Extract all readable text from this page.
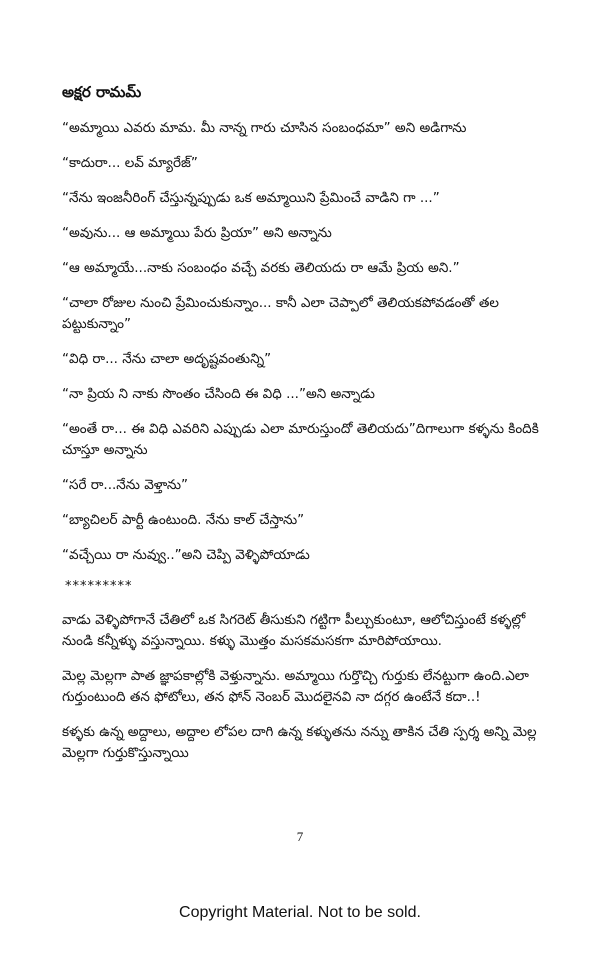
అక్షర రామమ్

“అమ్మాయి ఎవరు మామ. మీ నాన్న గారు చూసిన సంబంధమా” అని అడిగాను

“కాదురా... లవ్ మ్యారేజ్”

“నేను ఇంజనీరింగ్ చేస్తున్నప్పుడు ఒక అమ్మాయిని ప్రేమించే వాడిని గా ...”

“అవును... ఆ అమ్మాయి పేరు ప్రియా” అని అన్నాను

“ఆ అమ్మాయే...నాకు సంబంధం వచ్చే వరకు తెలియదు రా ఆమే ప్రియ అని.”

“చాలా రోజుల నుంచి ప్రేమించుకున్నాం... కానీ ఎలా చెప్పాలో తెలియకపోవడంతో తల పట్టుకున్నాం”

“విధి రా... నేను చాలా అదృష్టవంతున్ని”

“నా ప్రియ ని నాకు సొంతం చేసింది ఈ విధి ...”అని అన్నాడు

“అంతే రా... ఈ విధి ఎవరిని ఎప్పుడు ఎలా మారుస్తుందో తెలియదు”దిగాలుగా కళ్ళను కిందికి చూస్తూ అన్నాను

“సరే రా...నేను వెళ్తాను”

“బ్యాచిలర్ పార్టీ ఉంటుంది. నేను కాల్ చేస్తాను”

“వచ్చేయి రా నువ్వు..”అని చెప్పి వెళ్ళిపోయాడు

*********

వాడు వెళ్ళిపోగానే చేతిలో ఒక సిగరెట్ తీసుకుని గట్టిగా పీల్చుకుంటూ, ఆలోచిస్తుంటే కళ్ళల్లో నుండి కన్నీళ్ళు వస్తున్నాయి. కళ్ళు మొత్తం మసకమసకగా మారిపోయాయి.

మెల్ల మెల్లగా పాత జ్ఞాపకాల్లోకి వెళ్తున్నాను. అమ్మాయి గుర్తొచ్చి గుర్తుకు లేనట్టుగా ఉంది.ఎలా గుర్తుంటుంది తన ఫోటోలు, తన ఫోన్ నెంబర్ మొదలైనవి నా దగ్గర ఉంటేనే కదా..!

కళ్ళకు ఉన్న అద్దాలు, అద్దాల లోపల దాగి ఉన్న కళ్ళుతను నన్ను తాకిన చేతి స్పర్శ అన్ని మెల్ల మెల్లగా గుర్తుకొస్తున్నాయి

7
Copyright Material. Not to be sold.
